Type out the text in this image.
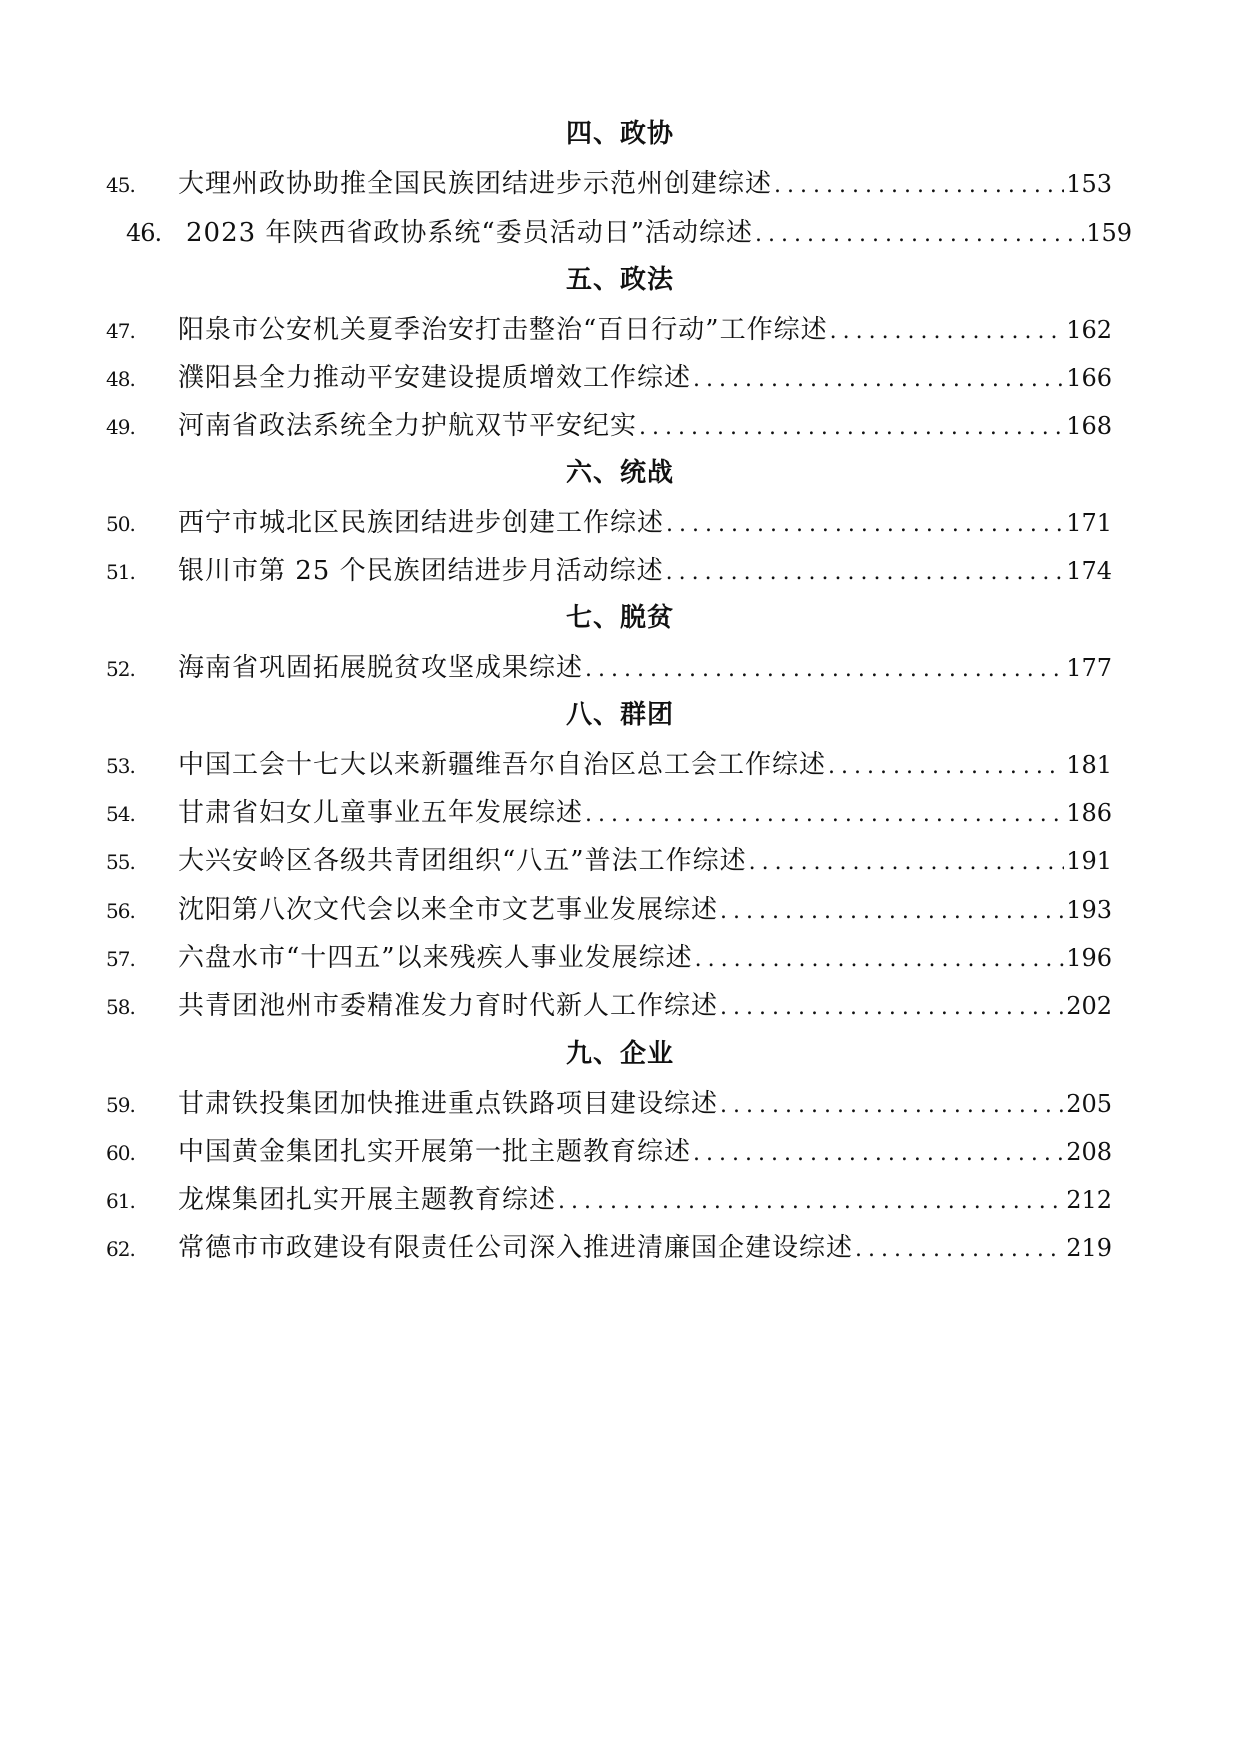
四、政协
45.	大理州政协助推全国民族团结进步示范州创建综述 .....	153
46. 2023 年陕西省政协系统“委员活动日”活动综述 .....	159
五、政法
47.	阳泉市公安机关夏季治安打击整治“百日行动”工作综述 .....	162
48.	濮阳县全力推动平安建设提质增效工作综述 .....	166
49.	河南省政法系统全力护航双节平安纪实 .....	168
六、统战
50.	西宁市城北区民族团结进步创建工作综述 .....	171
51.	银川市第 25 个民族团结进步月活动综述 .....	174
七、脱贫
52.	海南省巩固拓展脱贫攻坚成果综述 .....	177
八、群团
53.	中国工会十七大以来新疆维吾尔自治区总工会工作综述 .....	181
54.	甘肃省妇女儿童事业五年发展综述 .....	186
55.	大兴安岭区各级共青团组织“八五”普法工作综述 .....	191
56.	沈阳第八次文代会以来全市文艺事业发展综述 .....	193
57.	六盘水市“十四五”以来残疾人事业发展综述 .....	196
58.	共青团池州市委精准发力育时代新人工作综述 .....	202
九、企业
59.	甘肃铁投集团加快推进重点铁路项目建设综述 .....	205
60.	中国黄金集团扎实开展第一批主题教育综述 .....	208
61.	龙煤集团扎实开展主题教育综述 .....	212
62.	常德市市政建设有限责任公司深入推进清廉国企建设综述 .....	219
